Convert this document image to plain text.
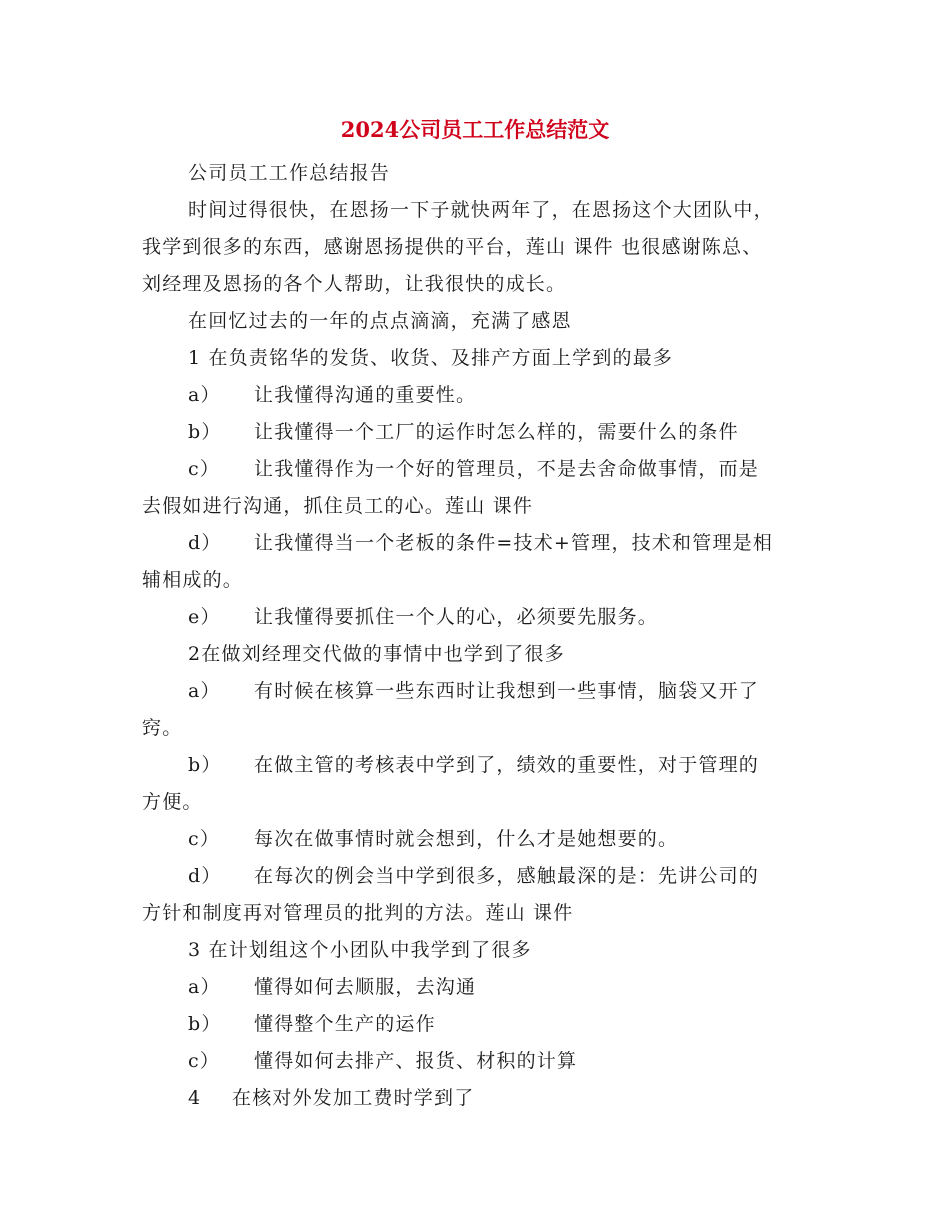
2024公司员工工作总结范文
公司员工工作总结报告
时间过得很快，在恩扬一下子就快两年了，在恩扬这个大团队中，
我学到很多的东西，感谢恩扬提供的平台，莲山 课件 也很感谢陈总、
刘经理及恩扬的各个人帮助，让我很快的成长。
在回忆过去的一年的点点滴滴，充满了感恩
1 在负责铭华的发货、收货、及排产方面上学到的最多
a） 让我懂得沟通的重要性。
b） 让我懂得一个工厂的运作时怎么样的，需要什么的条件
c） 让我懂得作为一个好的管理员，不是去舍命做事情，而是
去假如进行沟通，抓住员工的心。莲山 课件
d） 让我懂得当一个老板的条件=技术+管理，技术和管理是相
辅相成的。
e） 让我懂得要抓住一个人的心，必须要先服务。
2在做刘经理交代做的事情中也学到了很多
a） 有时候在核算一些东西时让我想到一些事情，脑袋又开了
窍。
b） 在做主管的考核表中学到了，绩效的重要性，对于管理的
方便。
c） 每次在做事情时就会想到，什么才是她想要的。
d） 在每次的例会当中学到很多，感触最深的是：先讲公司的
方针和制度再对管理员的批判的方法。莲山 课件
3 在计划组这个小团队中我学到了很多
a） 懂得如何去顺服，去沟通
b） 懂得整个生产的运作
c） 懂得如何去排产、报货、材积的计算
4 在核对外发加工费时学到了
